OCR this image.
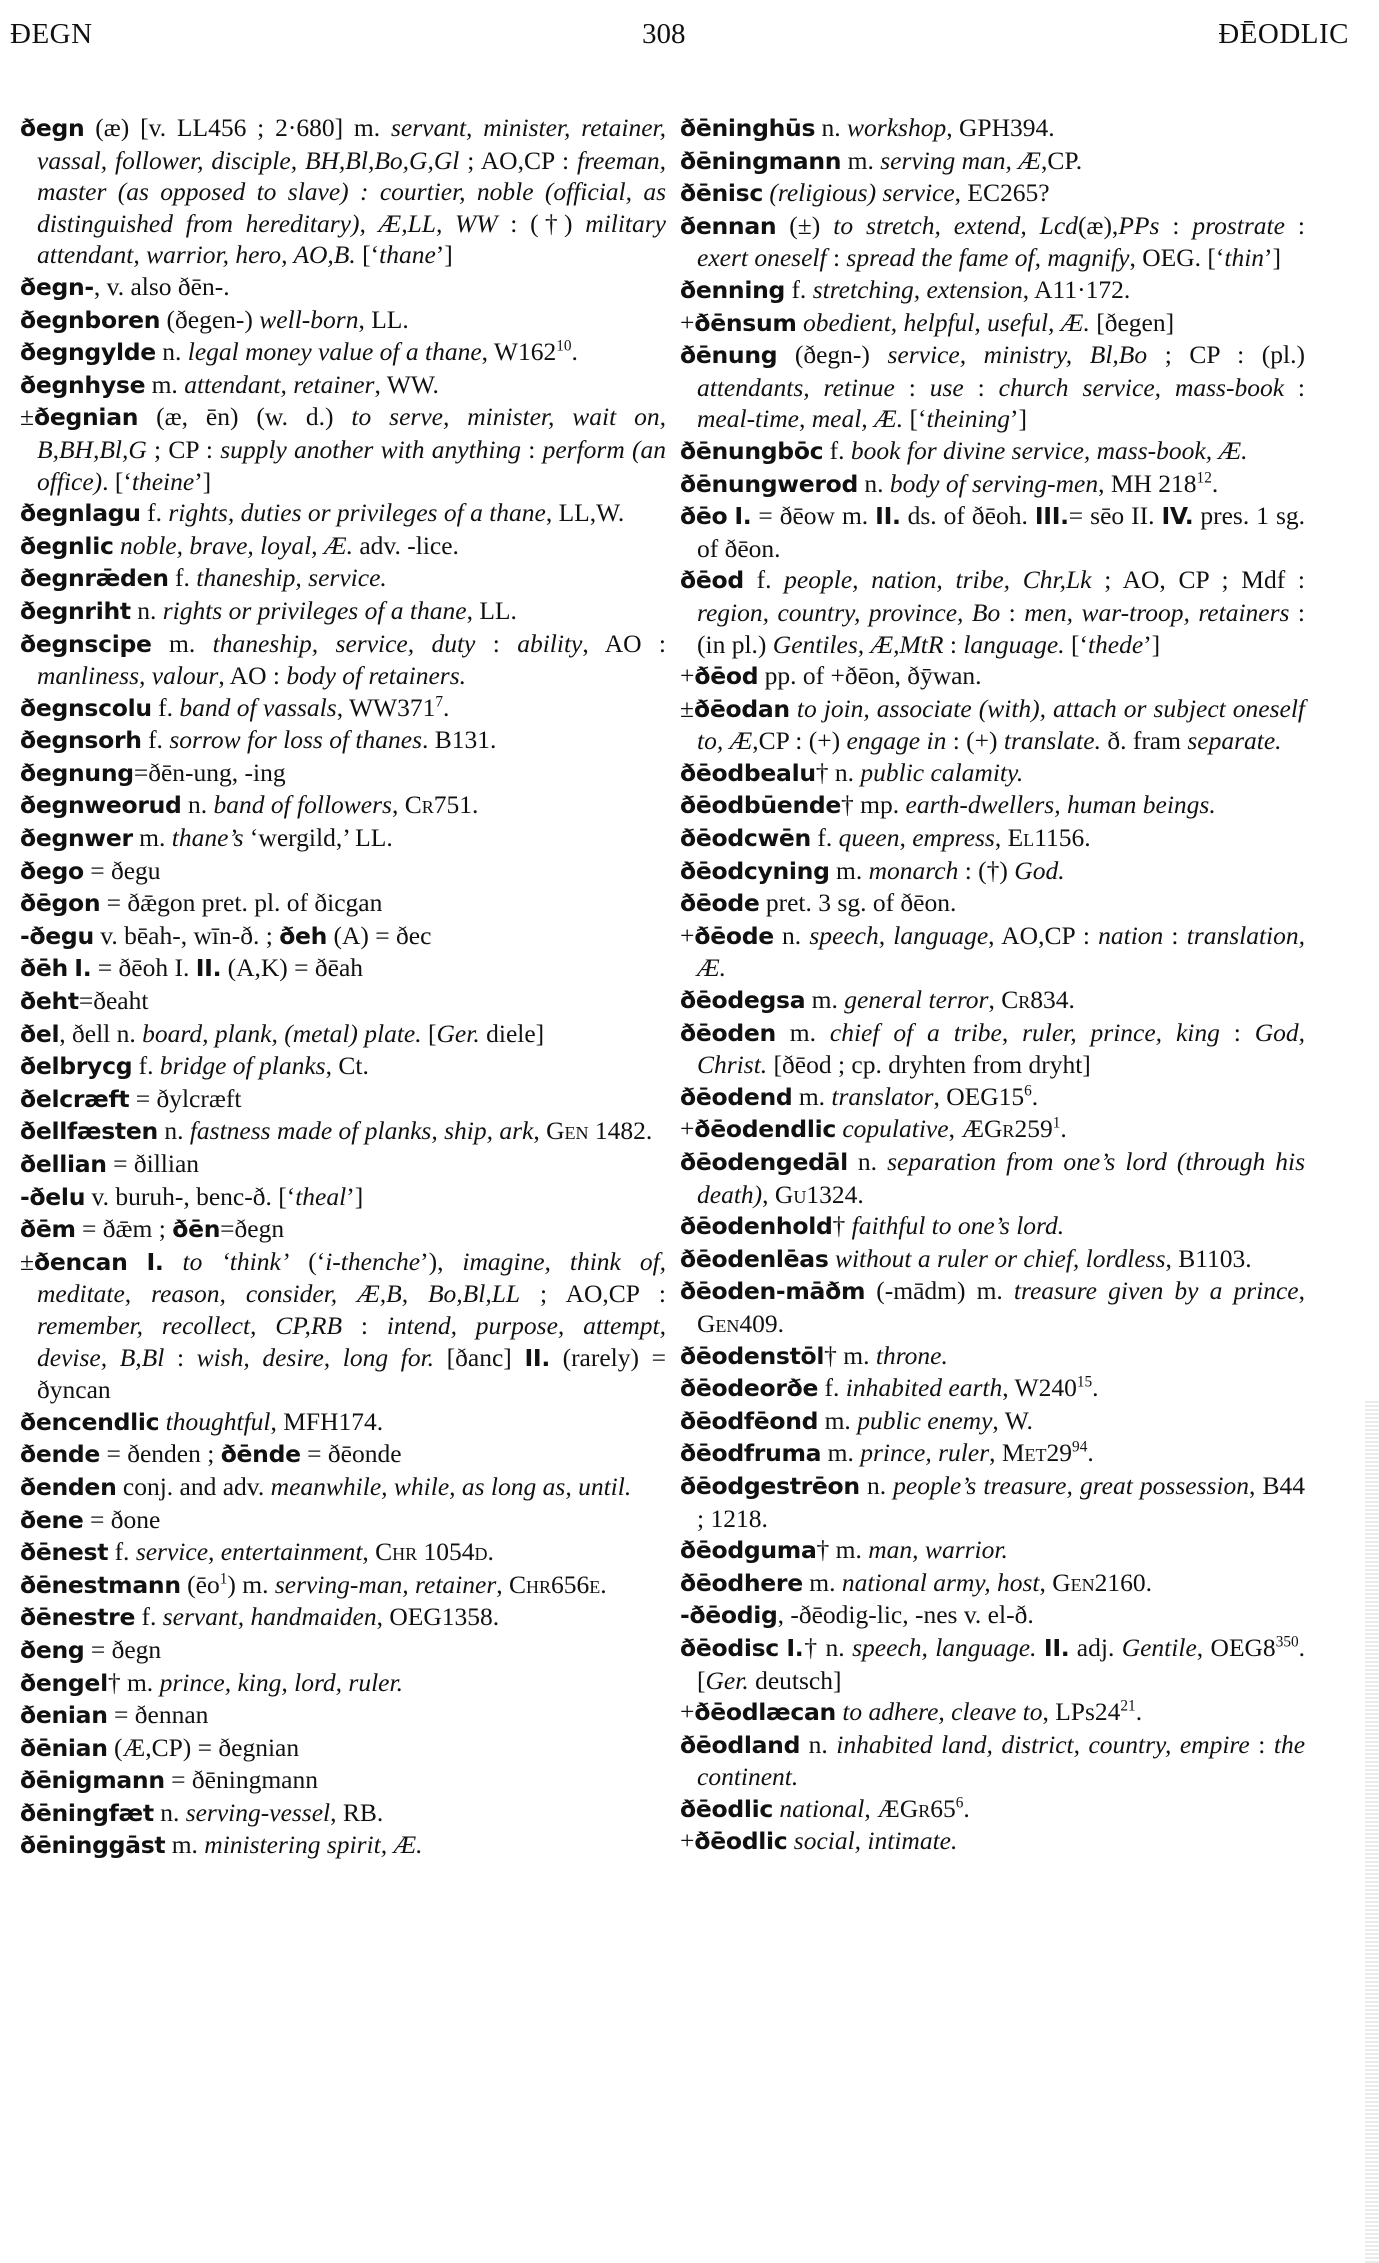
ĐEGN	308	ĐĒODLIC

ðegn (æ) [v. LL456 ; 2·680] m. servant, minister, retainer, vassal, follower, disciple, BH,Bl,Bo,G,Gl ; AO,CP : freeman, master (as opposed to slave) : courtier, noble (official, as distinguished from hereditary), Æ,LL, WW : (†) military attendant, warrior, hero, AO,B. [‘thane’]

ðegn-, v. also ðēn-.

ðegnboren (ðegen-) well-born, LL.

ðegngylde n. legal money value of a thane, $W162^{10}$.

ðegnhyse m. attendant, retainer, WW.

±ðegnian (æ, ēn) (w. d.) to serve, minister, wait on, B,BH,Bl,G ; CP : supply another with anything : perform (an office). [‘theine’]

ðegnlagu f. rights, duties or privileges of a thane, LL,W.

ðegnlic noble, brave, loyal, Æ. adv. -lice.

ðegnrǣden f. thaneship, service.

ðegnriht n. rights or privileges of a thane, LL.

ðegnscipe m. thaneship, service, duty : ability, AO : manliness, valour, AO : body of retainers.

ðegnscolu f. band of vassals, $WW371^7$.

ðegnsorh f. sorrow for loss of thanes. B131.

ðegnung=ðēn-ung, -ing

ðegnweorud n. band of followers, Cr751.

ðegnwer m. thane’s ‘wergild,’ LL.

ðego = ðegu

ðēgon = ðǣgon pret. pl. of ðicgan

-ðegu v. bēah-, wīn-ð. ; ðeh (A) = ðec

ðēh I. = ðēoh I. II. (A,K) = ðēah

ðeht=ðeaht

ðel, ðell n. board, plank, (metal) plate. [Ger. diele]

ðelbrycg f. bridge of planks, Ct.

ðelcræft = ðylcræft

ðellfæsten n. fastness made of planks, ship, ark, Gen 1482.

ðellian = ðillian

-ðelu v. buruh-, benc-ð. [‘theal’]

ðēm = ðǣm ; ðēn=ðegn

±ðencan I. to ‘think’ (‘i-thenche’), imagine, think of, meditate, reason, consider, Æ,B, Bo,Bl,LL ; AO,CP : remember, recollect, CP,RB : intend, purpose, attempt, devise, B,Bl : wish, desire, long for. [ðanc] II. (rarely) = ðyncan

ðencendlic thoughtful, MFH174.

ðende = ðenden ; ðēnde = ðēonde

ðenden conj. and adv. meanwhile, while, as long as, until.

ðene = ðone

ðēnest f. service, entertainment, Chr 1054d.

ðēnestmann $(ēo^1)$ m. serving-man, retainer, Chr656e.

ðēnestre f. servant, handmaiden, OEG1358.

ðeng = ðegn

ðengel† m. prince, king, lord, ruler.

ðenian = ðennan

ðēnian (Æ,CP) = ðegnian

ðēnigmann = ðēningmann

ðēningfæt n. serving-vessel, RB.

ðēninggāst m. ministering spirit, Æ.

ðēninghūs n. workshop, GPH394.

ðēningmann m. serving man, Æ,CP.

ðēnisc (religious) service, EC265?

ðennan (±) to stretch, extend, Lcd(æ),PPs : prostrate : exert oneself : spread the fame of, magnify, OEG. [‘thin’]

ðenning f. stretching, extension, A11·172.

+ðēnsum obedient, helpful, useful, Æ. [ðegen]

ðēnung (ðegn-) service, ministry, Bl,Bo ; CP : (pl.) attendants, retinue : use : church service, mass-book : meal-time, meal, Æ. [‘theining’]

ðēnungbōc f. book for divine service, mass-book, Æ.

ðēnungwerod n. body of serving-men, MH $218^{12}$.

ðēo I. = ðēow m. II. ds. of ðēoh. III.= sēo II. IV. pres. 1 sg. of ðēon.

ðēod f. people, nation, tribe, Chr,Lk ; AO, CP ; Mdf : region, country, province, Bo : men, war-troop, retainers : (in pl.) Gentiles, Æ,MtR : language. [‘thede’]

+ðēod pp. of +ðēon, ðȳwan.

±ðēodan to join, associate (with), attach or subject oneself to, Æ,CP : (+) engage in : (+) translate. ð. fram separate.

ðēodbealu† n. public calamity.

ðēodbūende† mp. earth-dwellers, human beings.

ðēodcwēn f. queen, empress, El1156.

ðēodcyning m. monarch : (†) God.

ðēode pret. 3 sg. of ðēon.

+ðēode n. speech, language, AO,CP : nation : translation, Æ.

ðēodegsa m. general terror, Cr834.

ðēoden m. chief of a tribe, ruler, prince, king : God, Christ. [ðēod ; cp. dryhten from dryht]

ðēodend m. translator, $OEG15^6$.

+ðēodendlic copulative, $ÆGr259^1$.

ðēodengedāl n. separation from one’s lord (through his death), Gu1324.

ðēodenhold† faithful to one’s lord.

ðēodenlēas without a ruler or chief, lordless, B1103.

ðēoden-māðm (-mādm) m. treasure given by a prince, Gen409.

ðēodenstōl† m. throne.

ðēodeorðe f. inhabited earth, $W240^{15}$.

ðēodfēond m. public enemy, W.

ðēodfruma m. prince, ruler, $Met29^{94}$.

ðēodgestrēon n. people’s treasure, great possession, B44 ; 1218.

ðēodguma† m. man, warrior.

ðēodhere m. national army, host, Gen2160.

-ðēodig, -ðēodig-lic, -nes v. el-ð.

ðēodisc I.† n. speech, language. II. adj. Gentile, $OEG8^{350}$. [Ger. deutsch]

+ðēodlæcan to adhere, cleave to, $LPs24^{21}$.

ðēodland n. inhabited land, district, country, empire : the continent.

ðēodlic national, $ÆGr65^6$.

+ðēodlic social, intimate.
